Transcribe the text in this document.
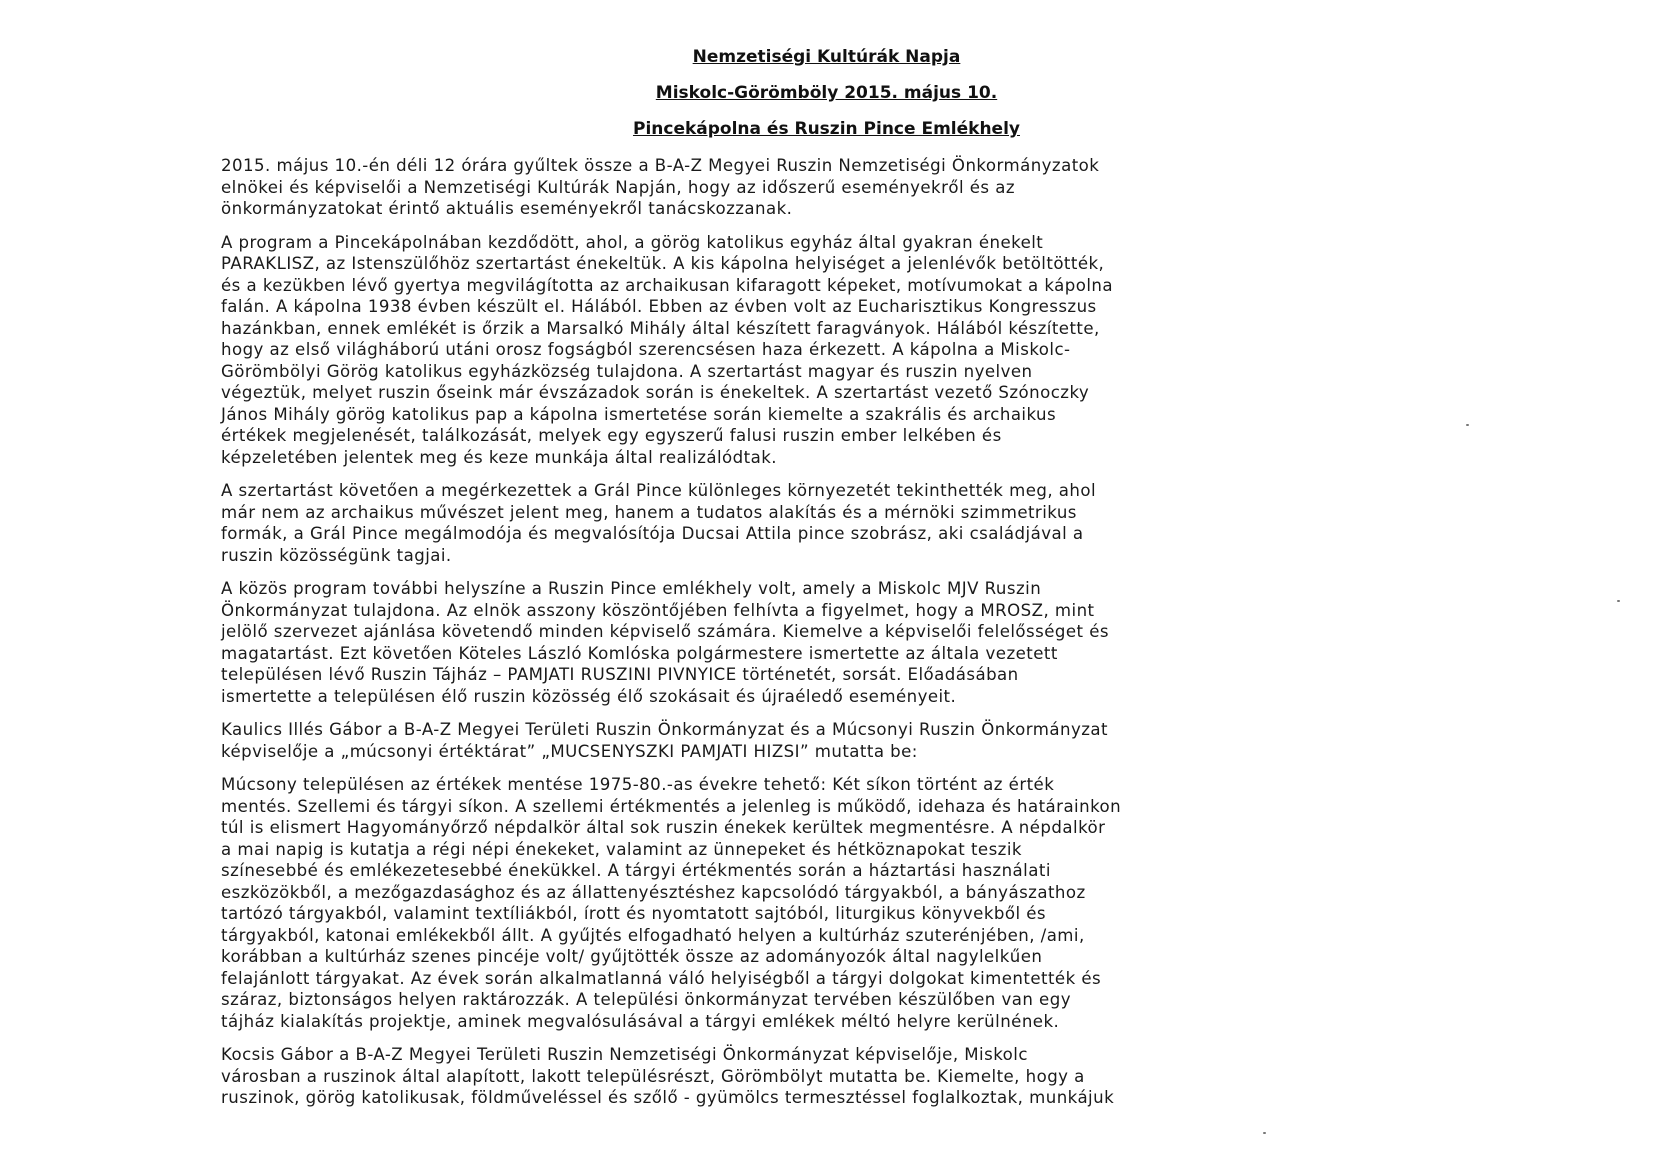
Nemzetiségi Kultúrák Napja
Miskolc-Görömböly 2015. május 10.
Pincekápolna és Ruszin Pince Emlékhely

2015. május 10.-én déli 12 órára gyűltek össze a B-A-Z Megyei Ruszin Nemzetiségi Önkormányzatok
elnökei és képviselői a Nemzetiségi Kultúrák Napján, hogy az időszerű eseményekről és az
önkormányzatokat érintő aktuális eseményekről tanácskozzanak.

A program a Pincekápolnában kezdődött, ahol, a görög katolikus egyház által gyakran énekelt
PARAKLISZ, az Istenszülőhöz szertartást énekeltük. A kis kápolna helyiséget a jelenlévők betöltötték,
és a kezükben lévő gyertya megvilágította az archaikusan kifaragott képeket, motívumokat a kápolna
falán. A kápolna 1938 évben készült el. Hálából. Ebben az évben volt az Eucharisztikus Kongresszus
hazánkban, ennek emlékét is őrzik a Marsalkó Mihály által készített faragványok. Hálából készítette,
hogy az első világháború utáni orosz fogságból szerencsésen haza érkezett. A kápolna a Miskolc-
Görömbölyi Görög katolikus egyházközség tulajdona. A szertartást magyar és ruszin nyelven
végeztük, melyet ruszin őseink már évszázadok során is énekeltek. A szertartást vezető Szónoczky
János Mihály görög katolikus pap a kápolna ismertetése során kiemelte a szakrális és archaikus
értékek megjelenését, találkozását, melyek egy egyszerű falusi ruszin ember lelkében és
képzeletében jelentek meg és keze munkája által realizálódtak.

A szertartást követően a megérkezettek a Grál Pince különleges környezetét tekinthették meg, ahol
már nem az archaikus művészet jelent meg, hanem a tudatos alakítás és a mérnöki szimmetrikus
formák, a Grál Pince megálmodója és megvalósítója Ducsai Attila pince szobrász, aki családjával a
ruszin közösségünk tagjai.

A közös program további helyszíne a Ruszin Pince emlékhely volt, amely a Miskolc MJV Ruszin
Önkormányzat tulajdona. Az elnök asszony köszöntőjében felhívta a figyelmet, hogy a MROSZ, mint
jelölő szervezet ajánlása követendő minden képviselő számára. Kiemelve a képviselői felelősséget és
magatartást. Ezt követően Köteles László Komlóska polgármestere ismertette az általa vezetett
településen lévő Ruszin Tájház – PAMJATI RUSZINI PIVNYICE történetét, sorsát. Előadásában
ismertette a településen élő ruszin közösség élő szokásait és újraéledő eseményeit.

Kaulics Illés Gábor a B-A-Z Megyei Területi Ruszin Önkormányzat és a Múcsonyi Ruszin Önkormányzat
képviselője a „múcsonyi értéktárat” „MUCSENYSZKI PAMJATI HIZSI” mutatta be:

Múcsony településen az értékek mentése 1975-80.-as évekre tehető: Két síkon történt az érték
mentés. Szellemi és tárgyi síkon. A szellemi értékmentés a jelenleg is működő, idehaza és határainkon
túl is elismert Hagyományőrző népdalkör által sok ruszin énekek kerültek megmentésre. A népdalkör
a mai napig is kutatja a régi népi énekeket, valamint az ünnepeket és hétköznapokat teszik
színesebbé és emlékezetesebbé énekükkel. A tárgyi értékmentés során a háztartási használati
eszközökből, a mezőgazdasághoz és az állattenyésztéshez kapcsolódó tárgyakból, a bányászathoz
tartózó tárgyakból, valamint textíliákból, írott és nyomtatott sajtóból, liturgikus könyvekből és
tárgyakból, katonai emlékekből állt. A gyűjtés elfogadható helyen a kultúrház szuterénjében, /ami,
korábban a kultúrház szenes pincéje volt/ gyűjtötték össze az adományozók által nagylelkűen
felajánlott tárgyakat. Az évek során alkalmatlanná váló helyiségből a tárgyi dolgokat kimentették és
száraz, biztonságos helyen raktározzák. A települési önkormányzat tervében készülőben van egy
tájház kialakítás projektje, aminek megvalósulásával a tárgyi emlékek méltó helyre kerülnének.

Kocsis Gábor a B-A-Z Megyei Területi Ruszin Nemzetiségi Önkormányzat képviselője, Miskolc
városban a ruszinok által alapított, lakott településrészt, Görömbölyt mutatta be. Kiemelte, hogy a
ruszinok, görög katolikusak, földműveléssel és szőlő - gyümölcs termesztéssel foglalkoztak, munkájuk
